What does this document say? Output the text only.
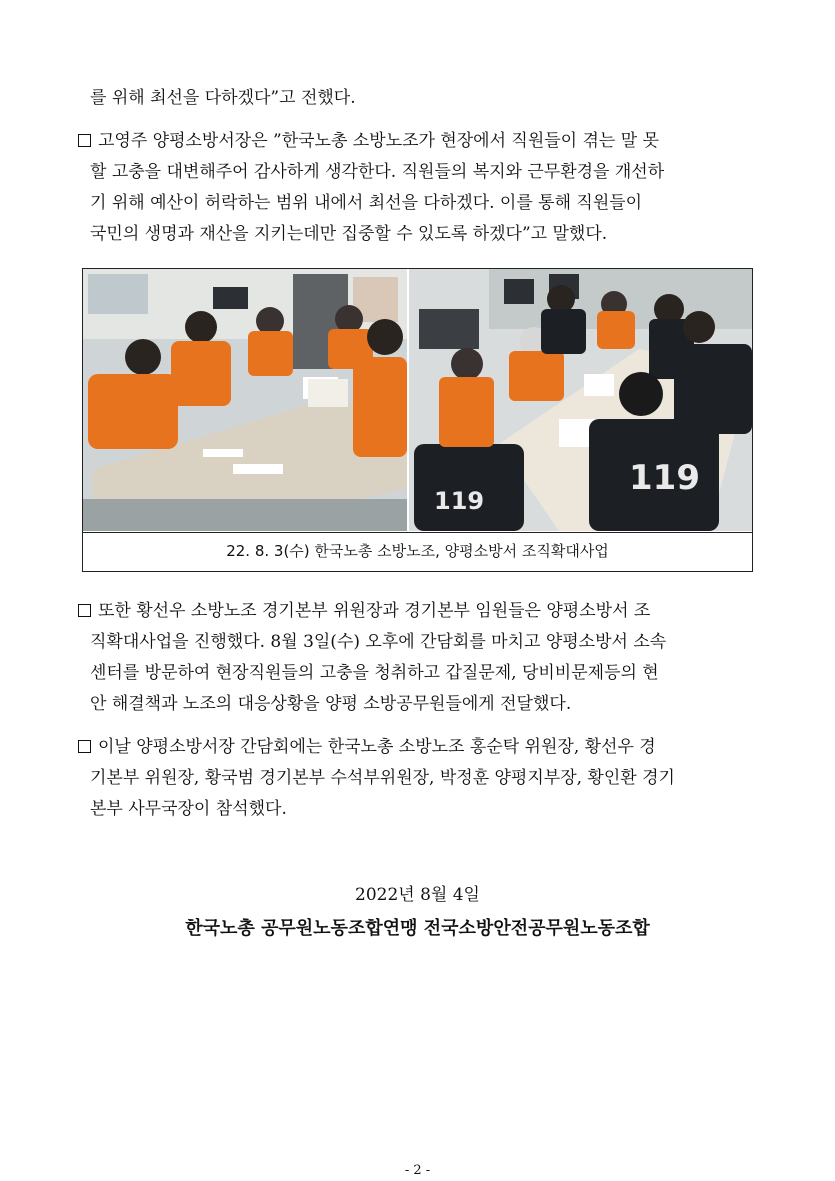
를 위해 최선을 다하겠다”고 전했다.
고영주 양평소방서장은 ”한국노총 소방노조가 현장에서 직원들이 겪는 말 못
할 고충을 대변해주어 감사하게 생각한다. 직원들의 복지와 근무환경을 개선하
기 위해 예산이 허락하는 범위 내에서 최선을 다하겠다. 이를 통해 직원들이
국민의 생명과 재산을 지키는데만 집중할 수 있도록 하겠다”고 말했다.
119
119
22. 8. 3(수) 한국노총 소방노조, 양평소방서 조직확대사업
또한 황선우 소방노조 경기본부 위원장과 경기본부 임원들은 양평소방서 조
직확대사업을 진행했다. 8월 3일(수) 오후에 간담회를 마치고 양평소방서 소속
센터를 방문하여 현장직원들의 고충을 청취하고 갑질문제, 당비비문제등의 현
안 해결책과 노조의 대응상황을 양평 소방공무원들에게 전달했다.
이날 양평소방서장 간담회에는 한국노총 소방노조 홍순탁 위원장, 황선우 경
기본부 위원장, 황국범 경기본부 수석부위원장, 박정훈 양평지부장, 황인환 경기
본부 사무국장이 참석했다.
2022년 8월 4일
한국노총 공무원노동조합연맹 전국소방안전공무원노동조합
- 2 -
